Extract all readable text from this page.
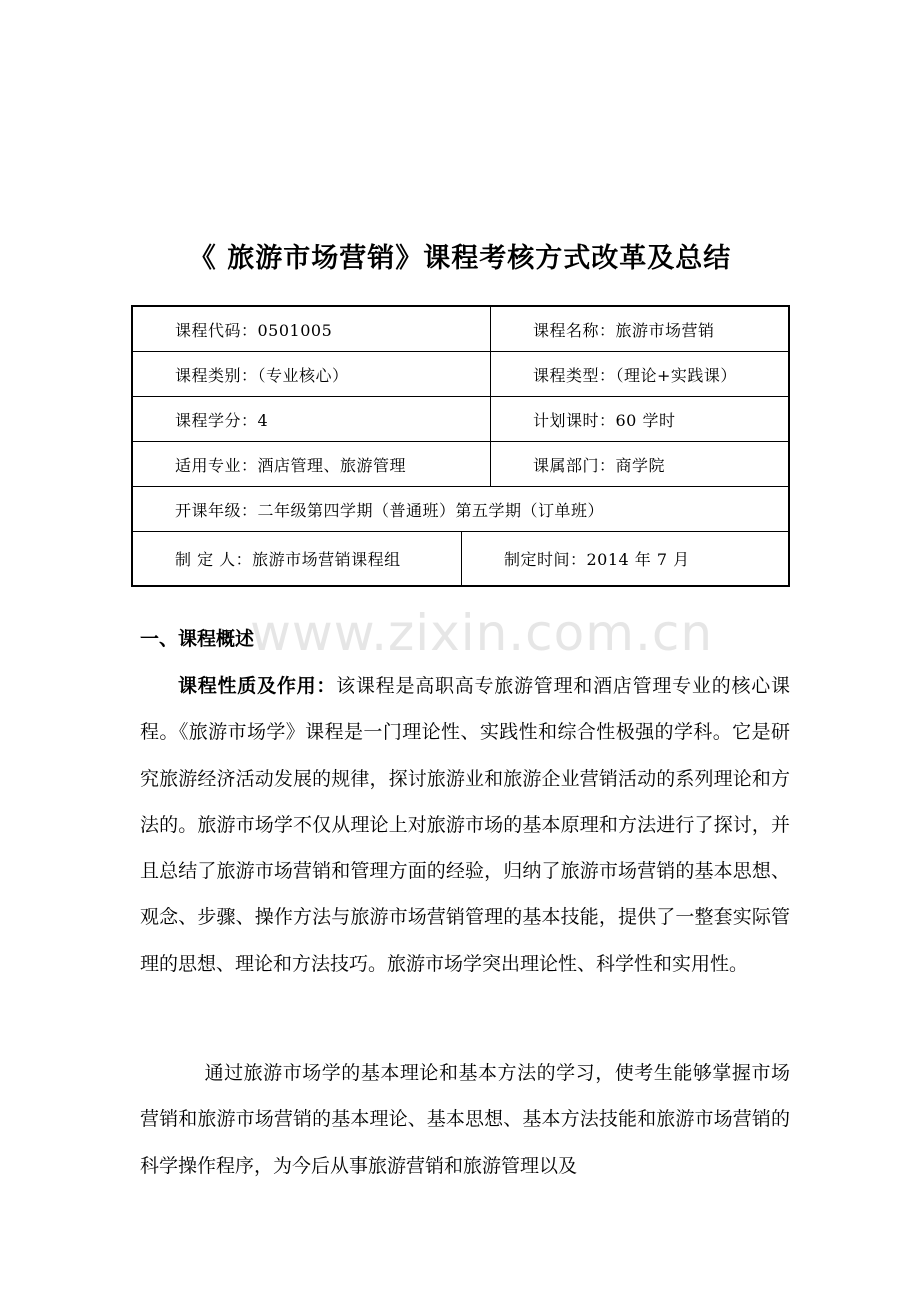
《 旅游市场营销》课程考核方式改革及总结
课程代码：0501005	课程名称：旅游市场营销
课程类别：（专业核心）	课程类型：（理论+实践课）
课程学分：4	计划课时：60 学时
适用专业：酒店管理、旅游管理	课属部门：商学院
开课年级：二年级第四学期（普通班）第五学期（订单班）
制 定 人：旅游市场营销课程组	制定时间：2014 年 7 月
www.zixin.com.cn
一、课程概述
课程性质及作用：该课程是高职高专旅游管理和酒店管理专业的核心课程。《旅游市场学》课程是一门理论性、实践性和综合性极强的学科。它是研究旅游经济活动发展的规律，探讨旅游业和旅游企业营销活动的系列理论和方法的。旅游市场学不仅从理论上对旅游市场的基本原理和方法进行了探讨，并且总结了旅游市场营销和管理方面的经验，归纳了旅游市场营销的基本思想、观念、步骤、操作方法与旅游市场营销管理的基本技能，提供了一整套实际管理的思想、理论和方法技巧。旅游市场学突出理论性、科学性和实用性。
通过旅游市场学的基本理论和基本方法的学习，使考生能够掌握市场营销和旅游市场营销的基本理论、基本思想、基本方法技能和旅游市场营销的科学操作程序，为今后从事旅游营销和旅游管理以及
